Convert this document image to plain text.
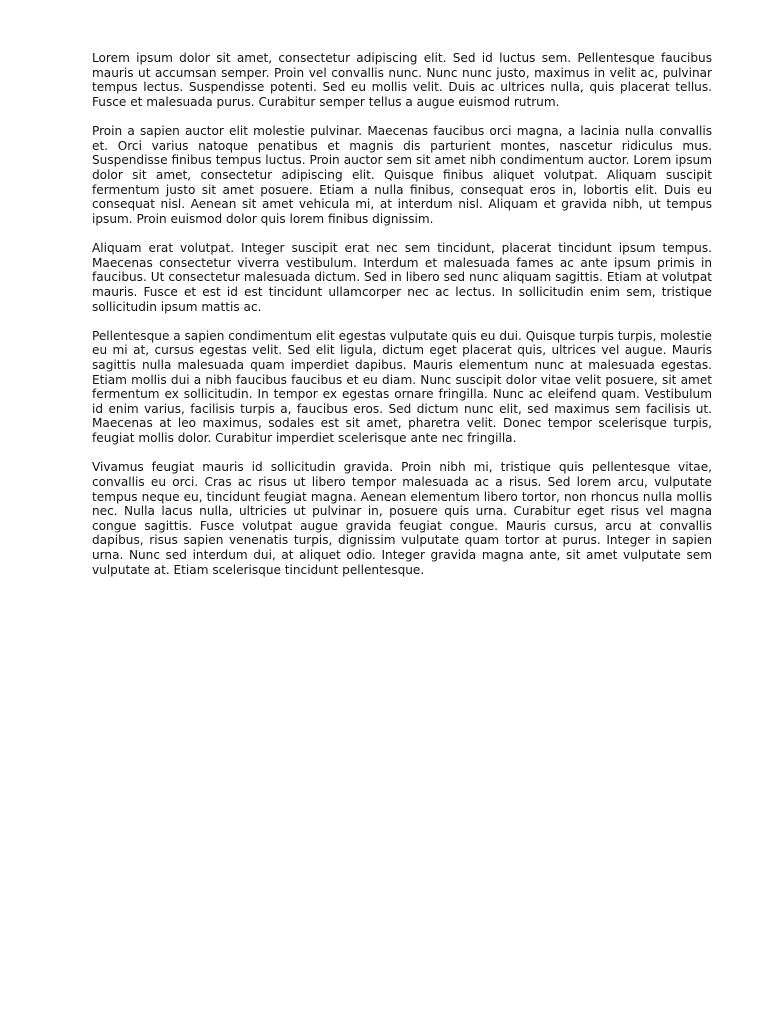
Lorem ipsum dolor sit amet, consectetur adipiscing elit. Sed id luctus sem. Pellentesque faucibus mauris ut accumsan semper. Proin vel convallis nunc. Nunc nunc justo, maximus in velit ac, pulvinar tempus lectus. Suspendisse potenti. Sed eu mollis velit. Duis ac ultrices nulla, quis placerat tellus. Fusce et malesuada purus. Curabitur semper tellus a augue euismod rutrum.

Proin a sapien auctor elit molestie pulvinar. Maecenas faucibus orci magna, a lacinia nulla convallis et. Orci varius natoque penatibus et magnis dis parturient montes, nascetur ridiculus mus. Suspendisse finibus tempus luctus. Proin auctor sem sit amet nibh condimentum auctor. Lorem ipsum dolor sit amet, consectetur adipiscing elit. Quisque finibus aliquet volutpat. Aliquam suscipit fermentum justo sit amet posuere. Etiam a nulla finibus, consequat eros in, lobortis elit. Duis eu consequat nisl. Aenean sit amet vehicula mi, at interdum nisl. Aliquam et gravida nibh, ut tempus ipsum. Proin euismod dolor quis lorem finibus dignissim.

Aliquam erat volutpat. Integer suscipit erat nec sem tincidunt, placerat tincidunt ipsum tempus. Maecenas consectetur viverra vestibulum. Interdum et malesuada fames ac ante ipsum primis in faucibus. Ut consectetur malesuada dictum. Sed in libero sed nunc aliquam sagittis. Etiam at volutpat mauris. Fusce et est id est tincidunt ullamcorper nec ac lectus. In sollicitudin enim sem, tristique sollicitudin ipsum mattis ac.

Pellentesque a sapien condimentum elit egestas vulputate quis eu dui. Quisque turpis turpis, molestie eu mi at, cursus egestas velit. Sed elit ligula, dictum eget placerat quis, ultrices vel augue. Mauris sagittis nulla malesuada quam imperdiet dapibus. Mauris elementum nunc at malesuada egestas. Etiam mollis dui a nibh faucibus faucibus et eu diam. Nunc suscipit dolor vitae velit posuere, sit amet fermentum ex sollicitudin. In tempor ex egestas ornare fringilla. Nunc ac eleifend quam. Vestibulum id enim varius, facilisis turpis a, faucibus eros. Sed dictum nunc elit, sed maximus sem facilisis ut. Maecenas at leo maximus, sodales est sit amet, pharetra velit. Donec tempor scelerisque turpis, feugiat mollis dolor. Curabitur imperdiet scelerisque ante nec fringilla.

Vivamus feugiat mauris id sollicitudin gravida. Proin nibh mi, tristique quis pellentesque vitae, convallis eu orci. Cras ac risus ut libero tempor malesuada ac a risus. Sed lorem arcu, vulputate tempus neque eu, tincidunt feugiat magna. Aenean elementum libero tortor, non rhoncus nulla mollis nec. Nulla lacus nulla, ultricies ut pulvinar in, posuere quis urna. Curabitur eget risus vel magna congue sagittis. Fusce volutpat augue gravida feugiat congue. Mauris cursus, arcu at convallis dapibus, risus sapien venenatis turpis, dignissim vulputate quam tortor at purus. Integer in sapien urna. Nunc sed interdum dui, at aliquet odio. Integer gravida magna ante, sit amet vulputate sem vulputate at. Etiam scelerisque tincidunt pellentesque.
